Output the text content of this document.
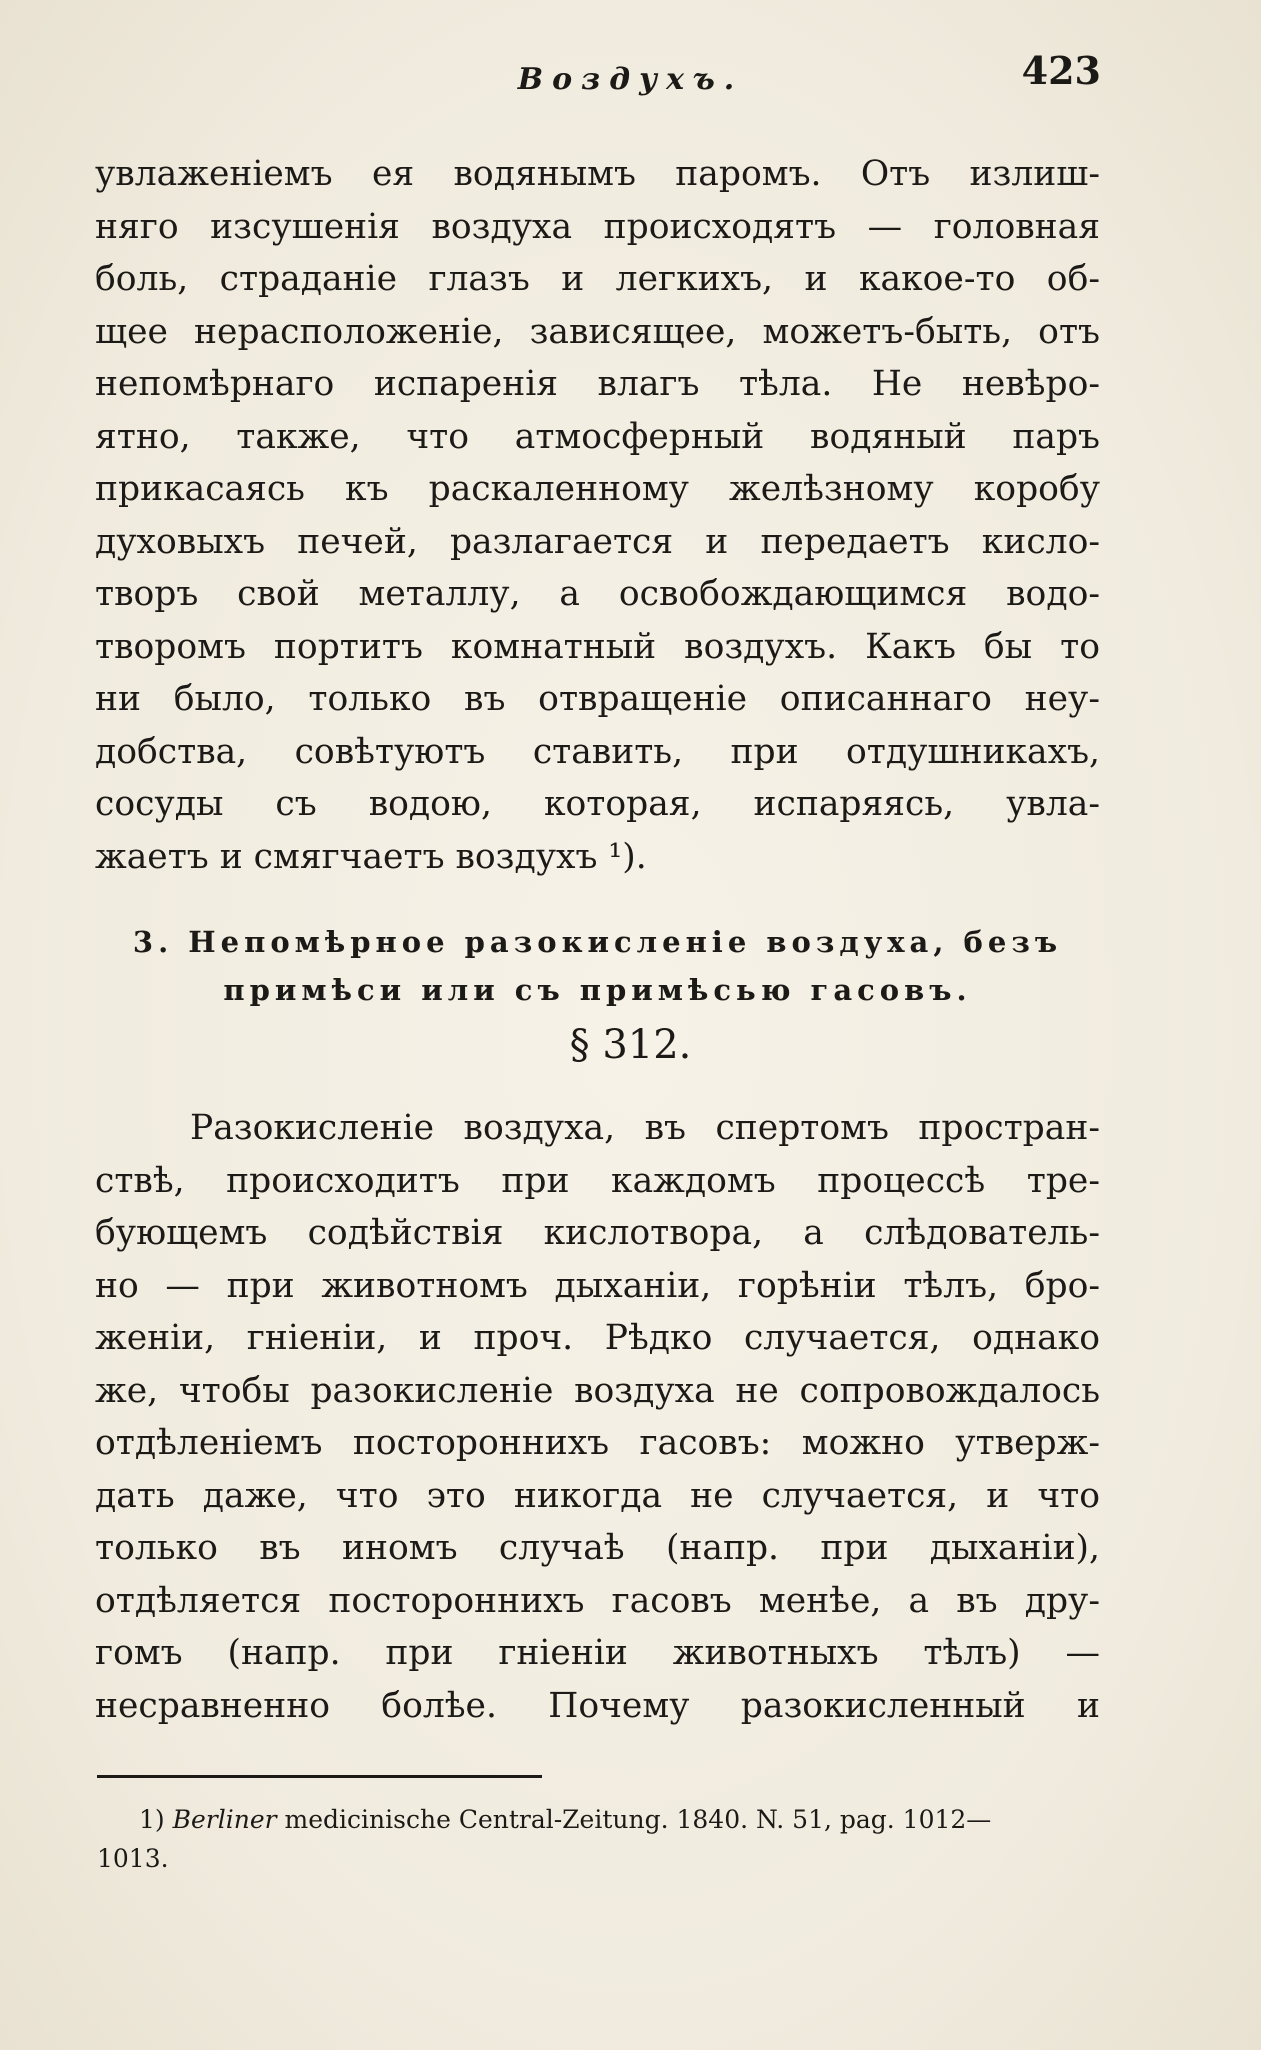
Воздухъ.	423
увлаженіемъ ея водянымъ паромъ. Отъ излиш-
няго изсушенія воздуха происходятъ — головная
боль, страданіе глазъ и легкихъ, и какое-то об-
щее нерасположеніе, зависящее, можетъ-быть, отъ
непомѣрнаго испаренія влагъ тѣла. Не невѣро-
ятно, также, что атмосферный водяный паръ
прикасаясь къ раскаленному желѣзному коробу
духовыхъ печей, разлагается и передаетъ кисло-
творъ свой металлу, а освобождающимся водо-
творомъ портитъ комнатный воздухъ. Какъ бы то
ни было, только въ отвращеніе описаннаго неу-
добства, совѣтуютъ ставить, при отдушникахъ,
сосуды съ водою, которая, испаряясь, увла-
жаетъ и смягчаетъ воздухъ ¹).
3. Непомѣрное разокисленіе воздуха, безъ
примѣси или съ примѣсью гасовъ.
§ 312.
Разокисленіе воздуха, въ спертомъ простран-
ствѣ, происходитъ при каждомъ процессѣ тре-
бующемъ содѣйствія кислотвора, а слѣдователь-
но — при животномъ дыханіи, горѣніи тѣлъ, бро-
женіи, гніеніи, и проч. Рѣдко случается, однако
же, чтобы разокисленіе воздуха не сопровождалось
отдѣленіемъ постороннихъ гасовъ: можно утверж-
дать даже, что это никогда не случается, и что
только въ иномъ случаѣ (напр. при дыханіи),
отдѣляется постороннихъ гасовъ менѣе, а въ дру-
гомъ (напр. при гніеніи животныхъ тѣлъ) —
несравненно болѣе. Почему разокисленный и
1) Berliner medicinische Central-Zeitung. 1840. N. 51, pag. 1012—
1013.
